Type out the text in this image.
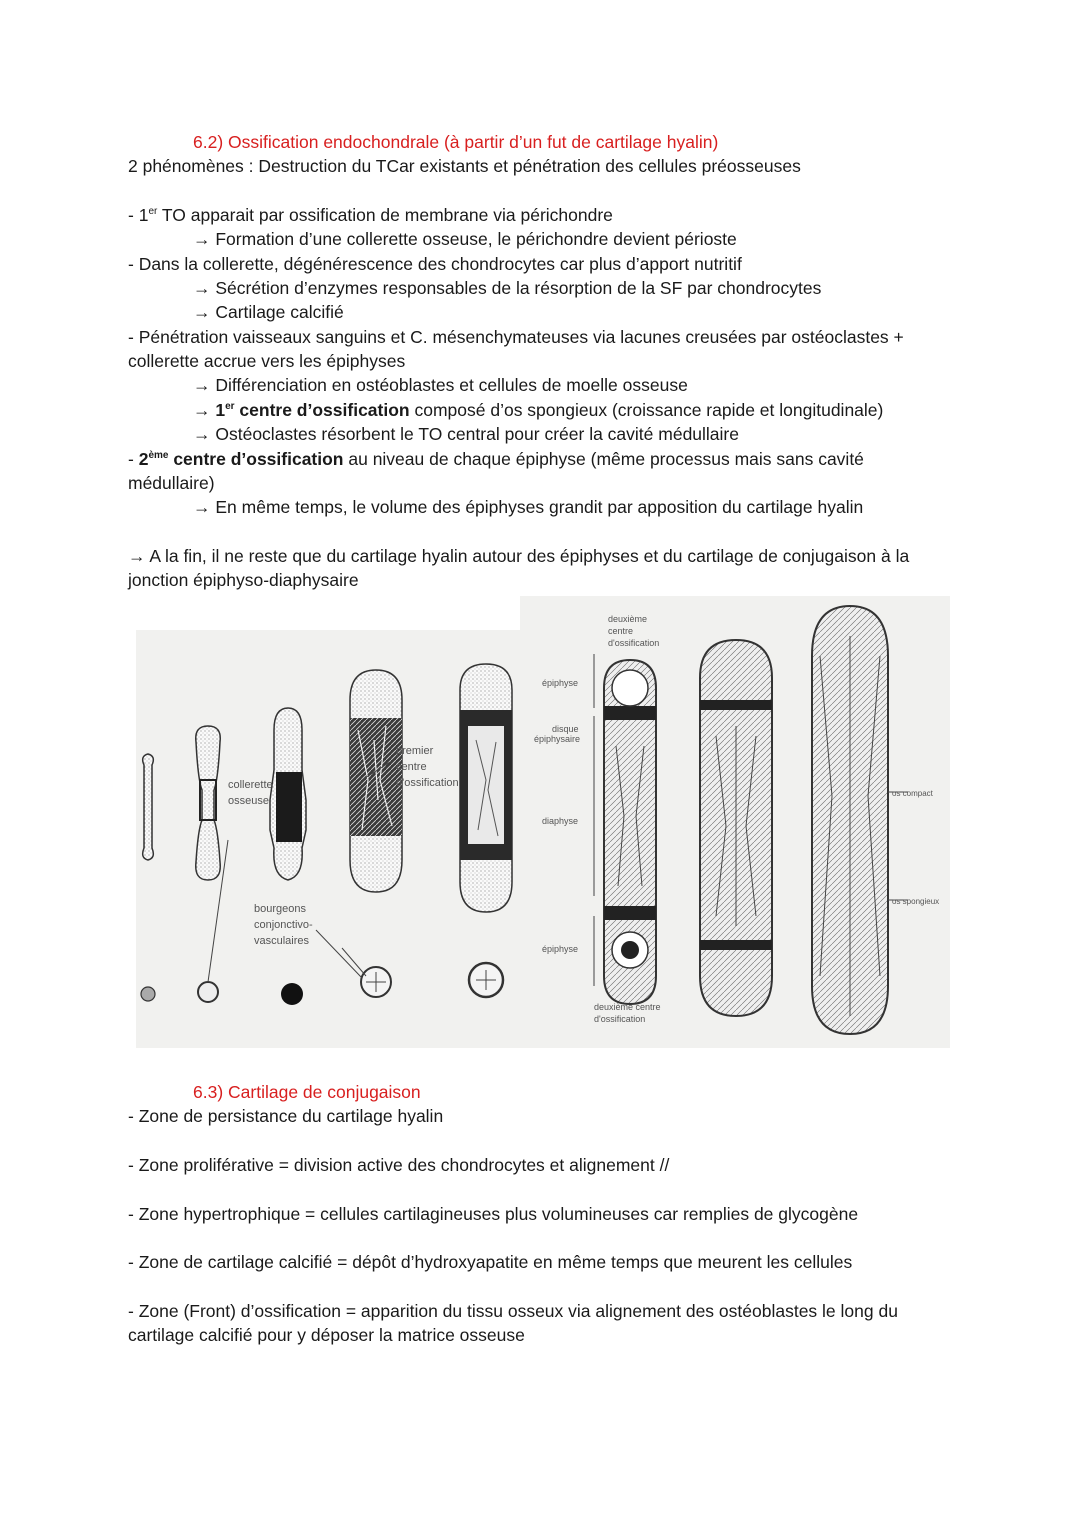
6.2) Ossification endochondrale (à partir d’un fut de cartilage hyalin)
2 phénomènes : Destruction du TCar existants et pénétration des cellules préosseuses
- 1er TO apparait par ossification de membrane via périchondre
→ Formation d’une collerette osseuse, le périchondre devient périoste
- Dans la collerette, dégénérescence des chondrocytes car plus d’apport nutritif
→ Sécrétion d’enzymes responsables de la résorption de la SF par chondrocytes
→ Cartilage calcifié
- Pénétration vaisseaux sanguins et C. mésenchymateuses via lacunes creusées par ostéoclastes +
collerette accrue vers les épiphyses
→ Différenciation en ostéoblastes et cellules de moelle osseuse
→ 1er centre d’ossification composé d’os spongieux (croissance rapide et longitudinale)
→ Ostéoclastes résorbent le TO central pour créer la cavité médullaire
- 2ème centre d’ossification au niveau de chaque épiphyse (même processus mais sans cavité
médullaire)
→ En même temps, le volume des épiphyses grandit par apposition du cartilage hyalin
→ A la fin, il ne reste que du cartilage hyalin autour des épiphyses et du cartilage de conjugaison à la
jonction épiphyso-diaphysaire
collerette
osseuse
premier
centre
d'ossification
bourgeons
conjonctivo-
vasculaires
deuxième
centre
d'ossification
épiphyse
disque
épiphysaire
diaphyse
épiphyse
deuxième centre
d'ossification
os compact
os spongieux
6.3) Cartilage de conjugaison
- Zone de persistance du cartilage hyalin
- Zone proliférative = division active des chondrocytes et alignement //
- Zone hypertrophique = cellules cartilagineuses plus volumineuses car remplies de glycogène
- Zone de cartilage calcifié = dépôt d’hydroxyapatite en même temps que meurent les cellules
- Zone (Front) d’ossification = apparition du tissu osseux via alignement des ostéoblastes le long du
cartilage calcifié pour y déposer la matrice osseuse
